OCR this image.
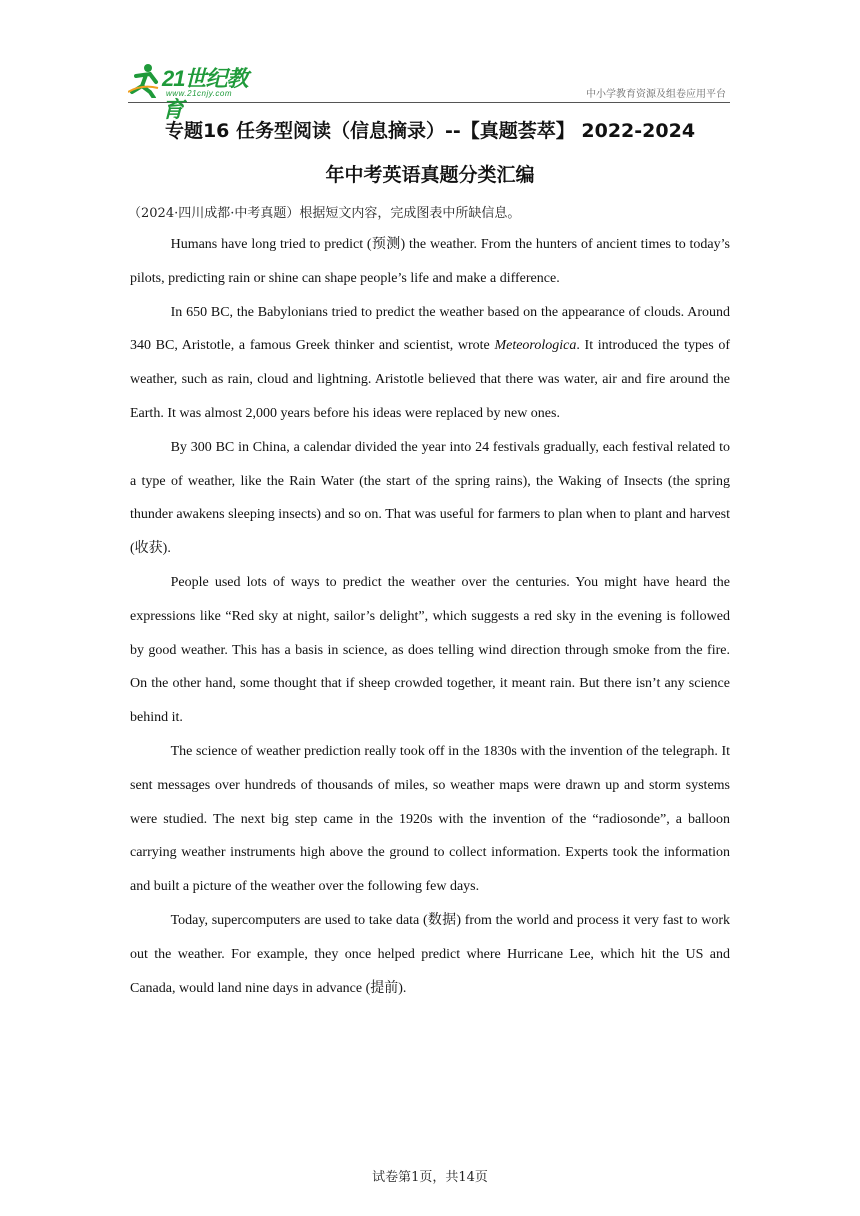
21世纪教育
www.21cnjy.com	中小学教育资源及组卷应用平台
专题16 任务型阅读（信息摘录）--【真题荟萃】 2022-2024
年中考英语真题分类汇编
（2024·四川成都·中考真题）根据短文内容，完成图表中所缺信息。

Humans have long tried to predict (预测) the weather. From the hunters of ancient times to today’s pilots, predicting rain or shine can shape people’s life and make a difference.

In 650 BC, the Babylonians tried to predict the weather based on the appearance of clouds. Around 340 BC, Aristotle, a famous Greek thinker and scientist, wrote Meteorologica. It introduced the types of weather, such as rain, cloud and lightning. Aristotle believed that there was water, air and fire around the Earth. It was almost 2,000 years before his ideas were replaced by new ones.

By 300 BC in China, a calendar divided the year into 24 festivals gradually, each festival related to a type of weather, like the Rain Water (the start of the spring rains), the Waking of Insects (the spring thunder awakens sleeping insects) and so on. That was useful for farmers to plan when to plant and harvest (收获).

People used lots of ways to predict the weather over the centuries. You might have heard the expressions like “Red sky at night, sailor’s delight”, which suggests a red sky in the evening is followed by good weather. This has a basis in science, as does telling wind direction through smoke from the fire. On the other hand, some thought that if sheep crowded together, it meant rain. But there isn’t any science behind it.

The science of weather prediction really took off in the 1830s with the invention of the telegraph. It sent messages over hundreds of thousands of miles, so weather maps were drawn up and storm systems were studied. The next big step came in the 1920s with the invention of the “radiosonde”, a balloon carrying weather instruments high above the ground to collect information. Experts took the information and built a picture of the weather over the following few days.

Today, supercomputers are used to take data (数据) from the world and process it very fast to work out the weather. For example, they once helped predict where Hurricane Lee, which hit the US and Canada, would land nine days in advance (提前).

试卷第1页，共14页
